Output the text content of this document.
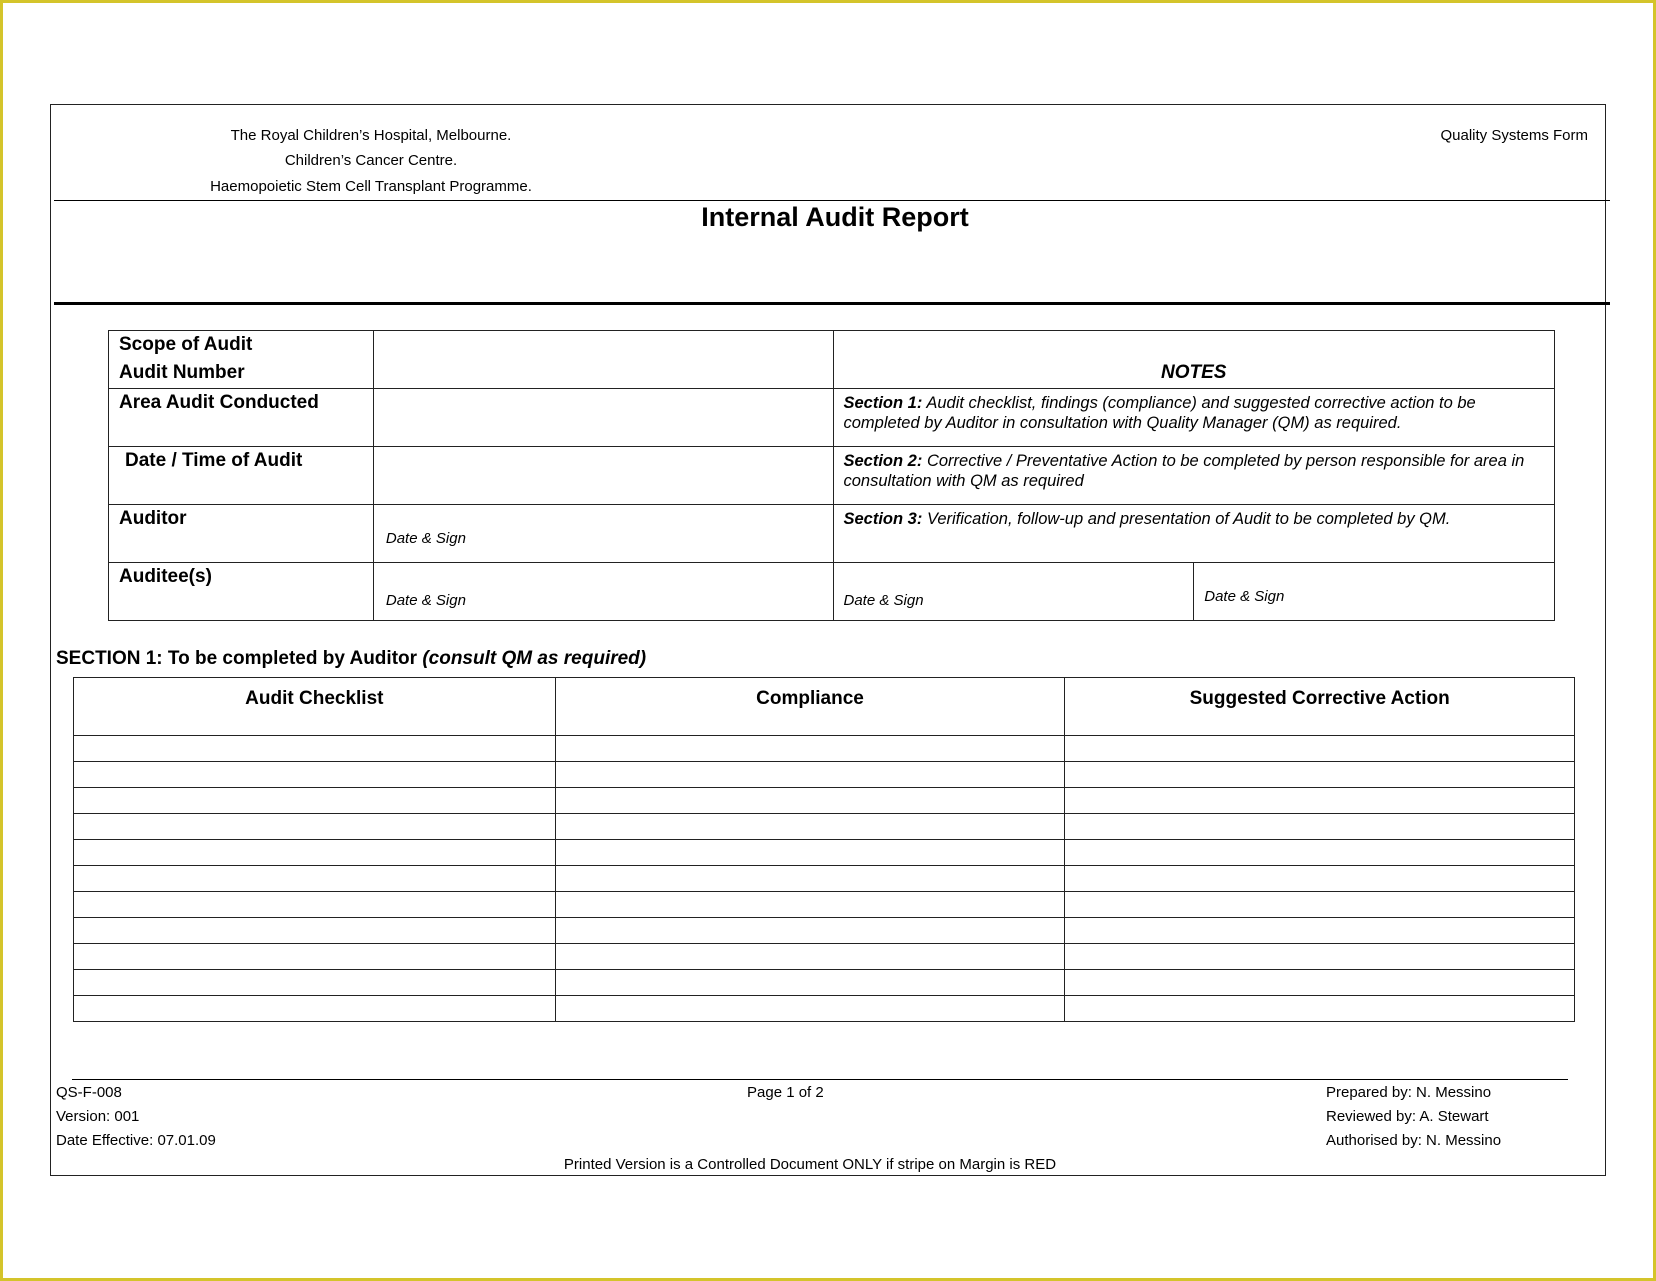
The Royal Children’s Hospital, Melbourne.
Children’s Cancer Centre.
Haemopoietic Stem Cell Transplant Programme.
Quality Systems Form
Internal Audit Report
Scope of Audit
Audit Number		NOTES	
Area Audit Conducted		Section 1: Audit checklist, findings (compliance) and suggested corrective action to be completed by Auditor in consultation with Quality Manager (QM) as required.	
Date / Time of Audit		Section 2: Corrective / Preventative Action to be completed by person responsible for area in consultation with QM as required	
Auditor	Date & Sign	Section 3: Verification, follow-up and presentation of Audit to be completed by QM.	
Auditee(s)	Date & Sign	Date & Sign	Date & Sign
SECTION 1: To be completed by Auditor (consult QM as required)
Audit Checklist	Compliance	Suggested Corrective Action

QS-F-008
Version: 001
Date Effective: 07.01.09
Page 1 of 2	Prepared by: N. Messino
Reviewed by: A. Stewart
Authorised by: N. Messino
Printed Version is a Controlled Document ONLY if stripe on Margin is RED
